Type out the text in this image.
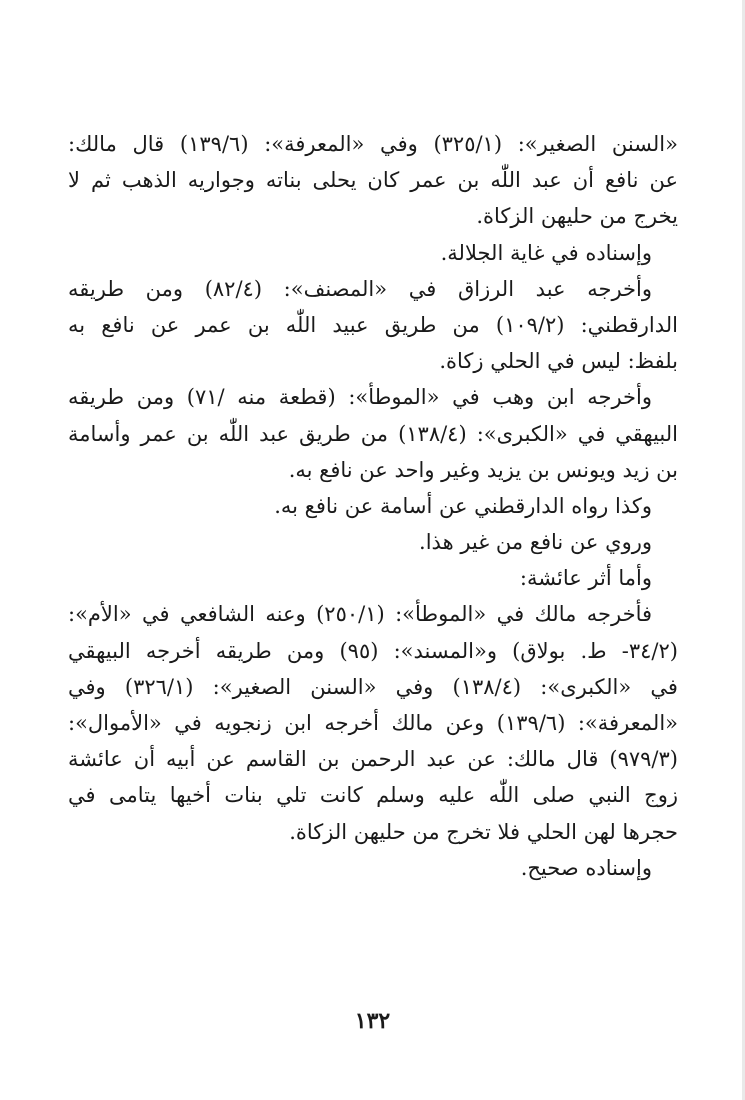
«السنن الصغير»: (٣٢٥/١) وفي «المعرفة»: (١٣٩/٦) قال مالك:
عن نافع أن عبد اللّٰه بن عمر كان يحلى بناته وجواريه الذهب ثم لا
يخرج من حليهن الزكاة.
وإسناده في غاية الجلالة.
وأخرجه عبد الرزاق في «المصنف»: (٨٢/٤) ومن طريقه
الدارقطني: (١٠٩/٢) من طريق عبيد اللّٰه بن عمر عن نافع به
بلفظ: ليس في الحلي زكاة.
وأخرجه ابن وهب في «الموطأ»: (قطعة منه /٧١) ومن طريقه
البيهقي في «الكبرى»: (١٣٨/٤) من طريق عبد اللّٰه بن عمر وأسامة
بن زيد ويونس بن يزيد وغير واحد عن نافع به.
وكذا رواه الدارقطني عن أسامة عن نافع به.
وروي عن نافع من غير هذا.
وأما أثر عائشة:
فأخرجه مالك في «الموطأ»: (٢٥٠/١) وعنه الشافعي في «الأم»:
(٣٤/٢- ط. بولاق) و«المسند»: (٩٥) ومن طريقه أخرجه البيهقي
في «الكبرى»: (١٣٨/٤) وفي «السنن الصغير»: (٣٢٦/١) وفي
«المعرفة»: (١٣٩/٦) وعن مالك أخرجه ابن زنجويه في «الأموال»:
(٩٧٩/٣) قال مالك: عن عبد الرحمن بن القاسم عن أبيه أن عائشة
زوج النبي صلى اللّٰه عليه وسلم كانت تلي بنات أخيها يتامى في
حجرها لهن الحلي فلا تخرج من حليهن الزكاة.
وإسناده صحيح.
١٣٢
